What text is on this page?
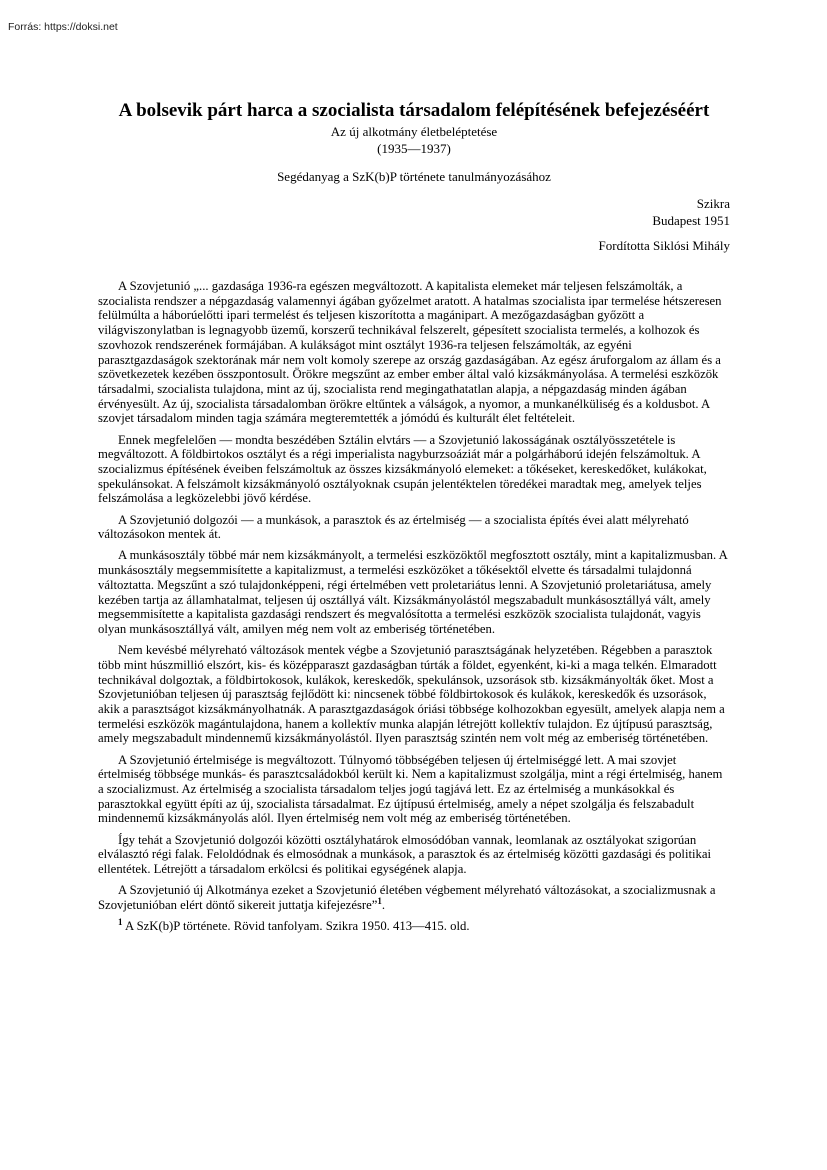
Forrás: https://doksi.net
A bolsevik párt harca a szocialista társadalom felépítésének befejezéséért
Az új alkotmány életbeléptetése
(1935—1937)
Segédanyag a SzK(b)P története tanulmányozásához
Szikra
Budapest 1951
Fordította Siklósi Mihály

A Szovjetunió „... gazdasága 1936-ra egészen megváltozott. A kapitalista elemeket már teljesen felszámolták, a szocialista rendszer a népgazdaság valamennyi ágában győzelmet aratott. A hatalmas szocialista ipar termelése hétszeresen felülmúlta a háborúelőtti ipari termelést és teljesen kiszorította a magánipart. A mezőgazdaságban győzött a világviszonylatban is legnagyobb üzemű, korszerű technikával felszerelt, gépesített szocialista termelés, a kolhozok és szovhozok rendszerének formájában. A kulákságot mint osztályt 1936-ra teljesen felszámolták, az egyéni parasztgazdaságok szektorának már nem volt komoly szerepe az ország gazdaságában. Az egész áruforgalom az állam és a szövetkezetek kezében összpontosult. Örökre megszűnt az ember ember által való kizsákmányolása. A termelési eszközök társadalmi, szocialista tulajdona, mint az új, szocialista rend megingathatatlan alapja, a népgazdaság minden ágában érvényesült. Az új, szocialista társadalomban örökre eltűntek a válságok, a nyomor, a munkanélküliség és a koldusbot. A szovjet társadalom minden tagja számára megteremtették a jómódú és kulturált élet feltételeit.

Ennek megfelelően — mondta beszédében Sztálin elvtárs — a Szovjetunió lakosságának osztályösszetétele is megváltozott. A földbirtokos osztályt és a régi imperialista nagyburzsoáziát már a polgárháború idején felszámoltuk. A szocializmus építésének éveiben felszámoltuk az összes kizsákmányoló elemeket: a tőkéseket, kereskedőket, kulákokat, spekulánsokat. A felszámolt kizsákmányoló osztályoknak csupán jelentéktelen töredékei maradtak meg, amelyek teljes felszámolása a legközelebbi jövő kérdése.

A Szovjetunió dolgozói — a munkások, a parasztok és az értelmiség — a szocialista építés évei alatt mélyreható változásokon mentek át.

A munkásosztály többé már nem kizsákmányolt, a termelési eszközöktől megfosztott osztály, mint a kapitalizmusban. A munkásosztály megsemmisítette a kapitalizmust, a termelési eszközöket a tőkésektől elvette és társadalmi tulajdonná változtatta. Megszűnt a szó tulajdonképpeni, régi értelmében vett proletariátus lenni. A Szovjetunió proletariátusa, amely kezében tartja az államhatalmat, teljesen új osztállyá vált. Kizsákmányolástól megszabadult munkásosztállyá vált, amely megsemmisítette a kapitalista gazdasági rendszert és megvalósította a termelési eszközök szocialista tulajdonát, vagyis olyan munkásosztállyá vált, amilyen még nem volt az emberiség történetében.

Nem kevésbé mélyreható változások mentek végbe a Szovjetunió parasztságának helyzetében. Régebben a parasztok több mint húszmillió elszórt, kis- és középparaszt gazdaságban túrták a földet, egyenként, ki-ki a maga telkén. Elmaradott technikával dolgoztak, a földbirtokosok, kulákok, kereskedők, spekulánsok, uzsorások stb. kizsákmányolták őket. Most a Szovjetunióban teljesen új parasztság fejlődött ki: nincsenek többé földbirtokosok és kulákok, kereskedők és uzsorások, akik a parasztságot kizsákmányolhatnák. A parasztgazdaságok óriási többsége kolhozokban egyesült, amelyek alapja nem a termelési eszközök magántulajdona, hanem a kollektív munka alapján létrejött kollektív tulajdon. Ez újtípusú parasztság, amely megszabadult mindennemű kizsákmányolástól. Ilyen parasztság szintén nem volt még az emberiség történetében.

A Szovjetunió értelmisége is megváltozott. Túlnyomó többségében teljesen új értelmiséggé lett. A mai szovjet értelmiség többsége munkás- és parasztcsaládokból került ki. Nem a kapitalizmust szolgálja, mint a régi értelmiség, hanem a szocializmust. Az értelmiség a szocialista társadalom teljes jogú tagjává lett. Ez az értelmiség a munkásokkal és parasztokkal együtt építi az új, szocialista társadalmat. Ez újtípusú értelmiség, amely a népet szolgálja és felszabadult mindennemű kizsákmányolás alól. Ilyen értelmiség nem volt még az emberiség történetében.

Így tehát a Szovjetunió dolgozói közötti osztályhatárok elmosódóban vannak, leomlanak az osztályokat szigorúan elválasztó régi falak. Feloldódnak és elmosódnak a munkások, a parasztok és az értelmiség közötti gazdasági és politikai ellentétek. Létrejött a társadalom erkölcsi és politikai egységének alapja.

A Szovjetunió új Alkotmánya ezeket a Szovjetunió életében végbement mélyreható változásokat, a szocializmusnak a Szovjetunióban elért döntő sikereit juttatja kifejezésre”$^1$.

$^1$ A SzK(b)P története. Rövid tanfolyam. Szikra 1950. 413—415. old.
